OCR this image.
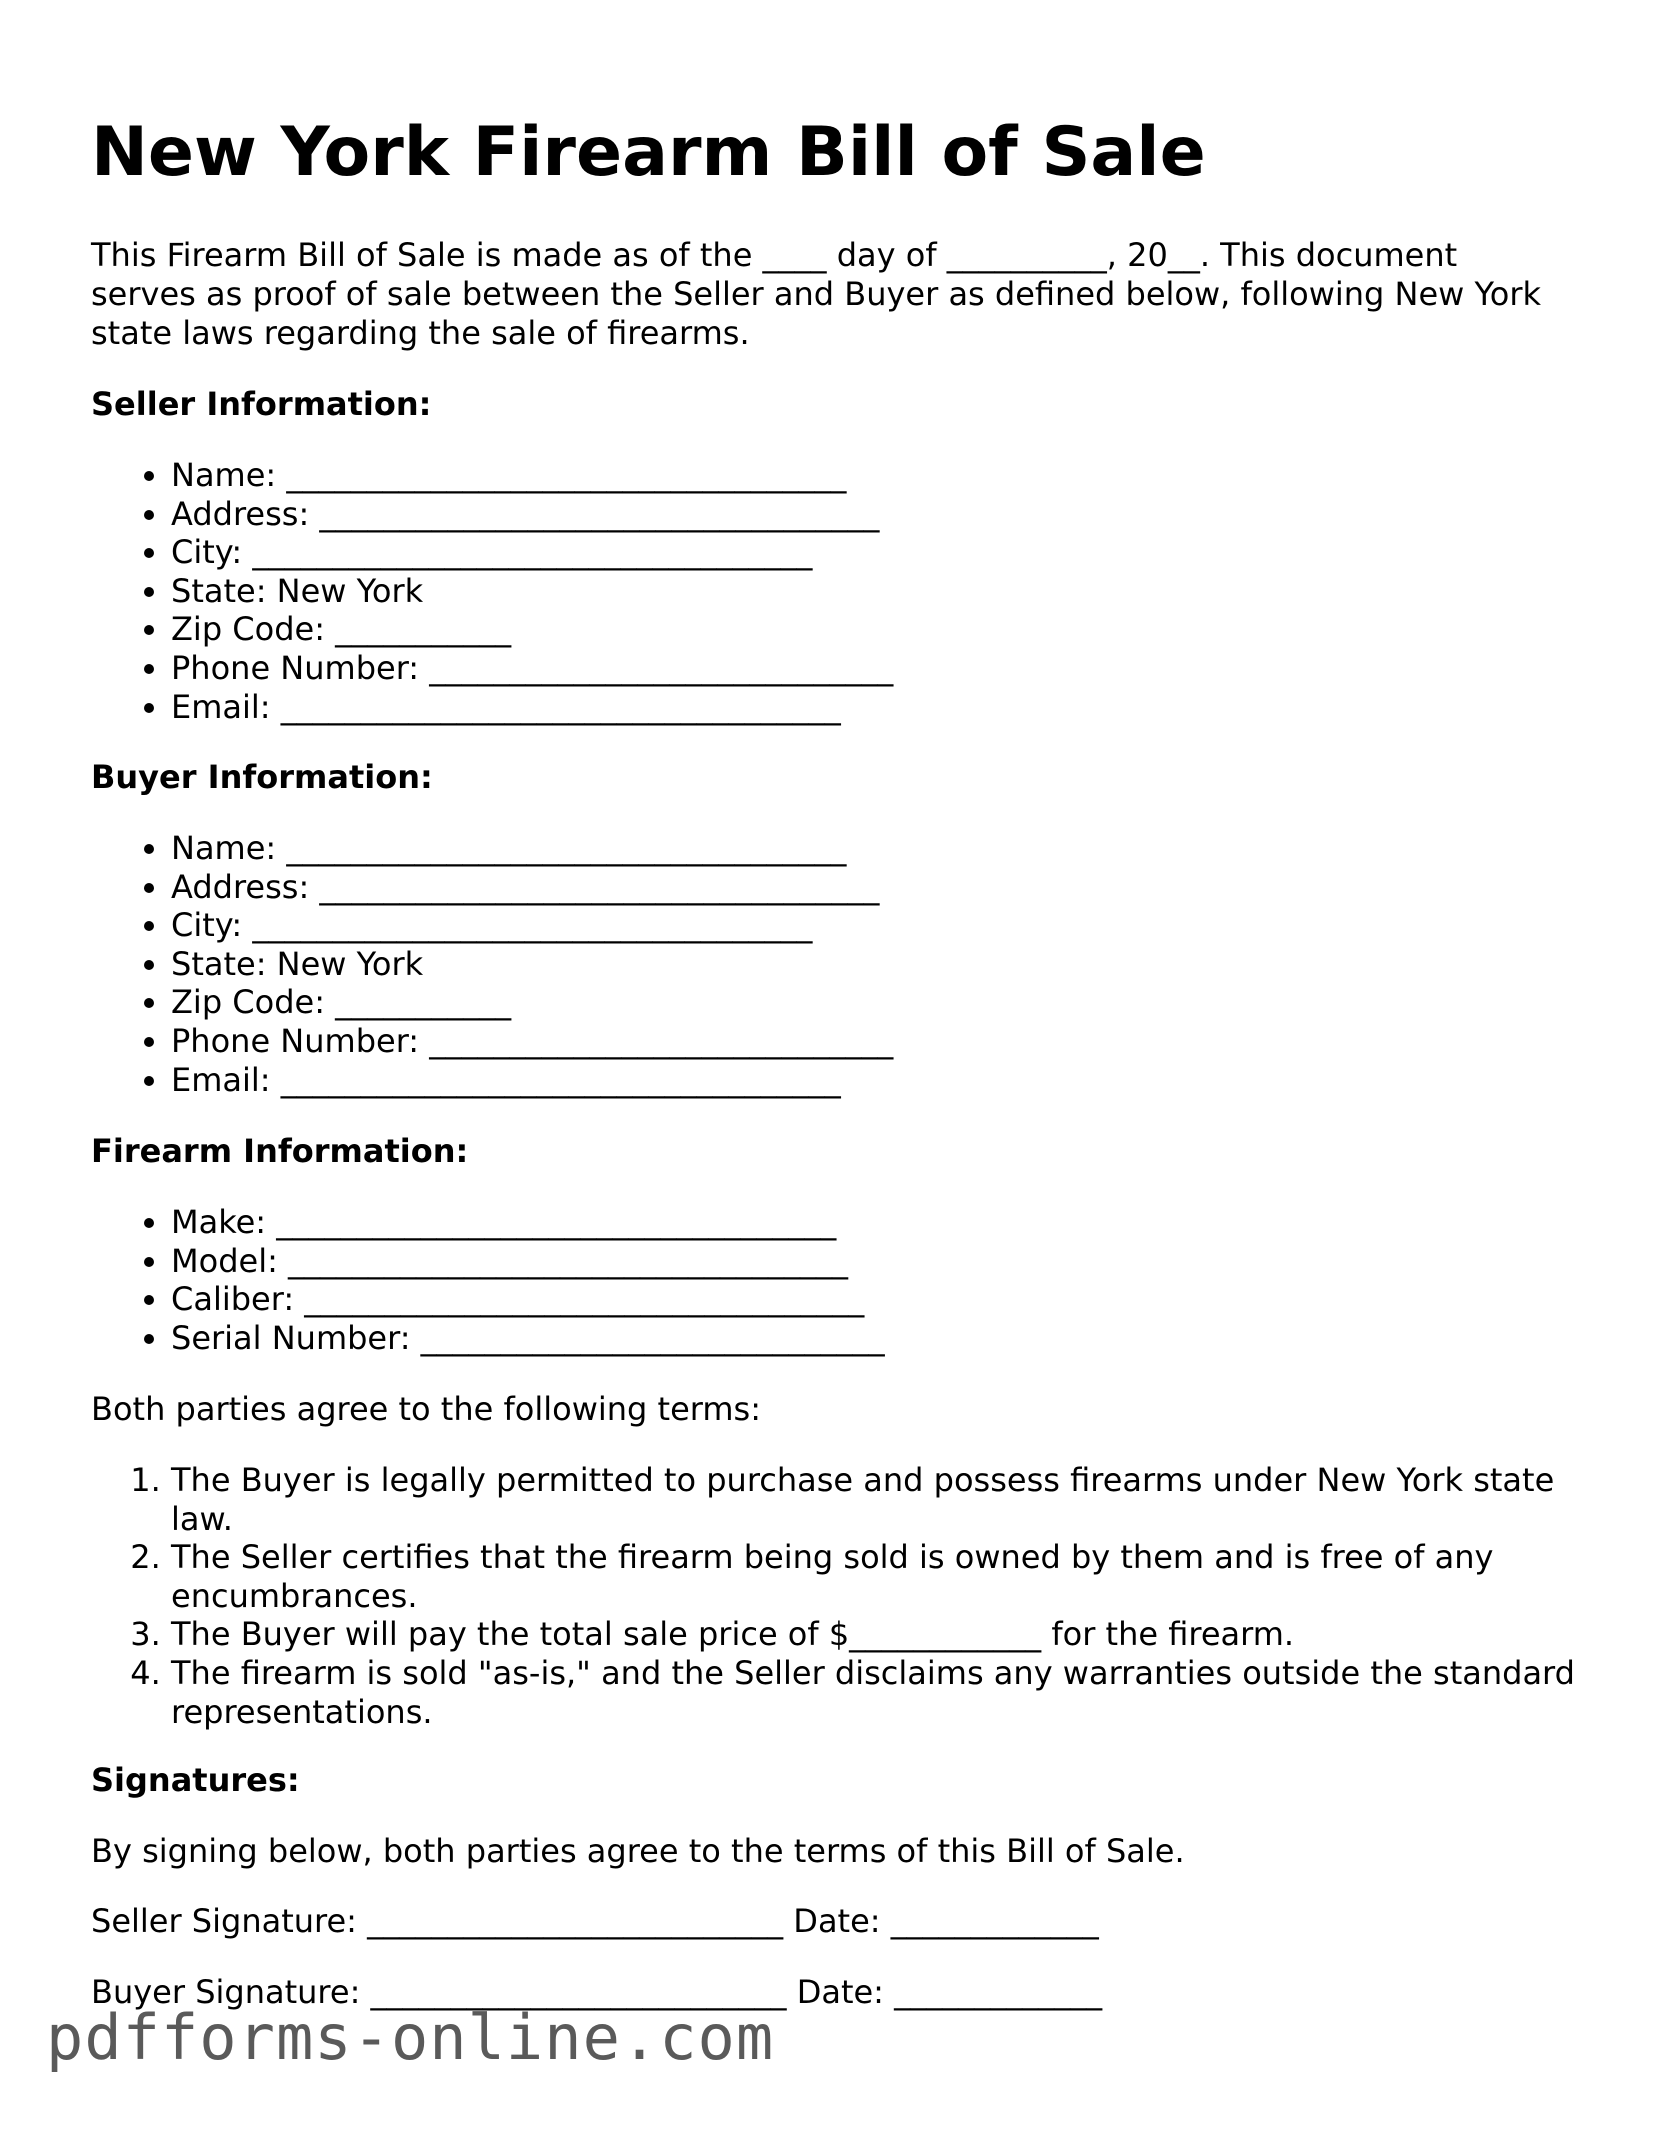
New York Firearm Bill of Sale

This Firearm Bill of Sale is made as of the ____ day of __________, 20__. This document serves as proof of sale between the Seller and Buyer as defined below, following New York state laws regarding the sale of firearms.

Seller Information:
• Name: ___________________________________
• Address: ___________________________________
• City: ___________________________________
• State: New York
• Zip Code: ___________
• Phone Number: _____________________________
• Email: ___________________________________
Buyer Information:
• Name: ___________________________________
• Address: ___________________________________
• City: ___________________________________
• State: New York
• Zip Code: ___________
• Phone Number: _____________________________
• Email: ___________________________________
Firearm Information:
• Make: ___________________________________
• Model: ___________________________________
• Caliber: ___________________________________
• Serial Number: _____________________________

Both parties agree to the following terms:

1. The Buyer is legally permitted to purchase and possess firearms under New York state law.
2. The Seller certifies that the firearm being sold is owned by them and is free of any encumbrances.
3. The Buyer will pay the total sale price of $____________ for the firearm.
4. The firearm is sold "as-is," and the Seller disclaims any warranties outside the standard representations.
Signatures:

By signing below, both parties agree to the terms of this Bill of Sale.

Seller Signature: __________________________ Date: _____________

Buyer Signature: __________________________ Date: _____________

pdfforms-online.com
